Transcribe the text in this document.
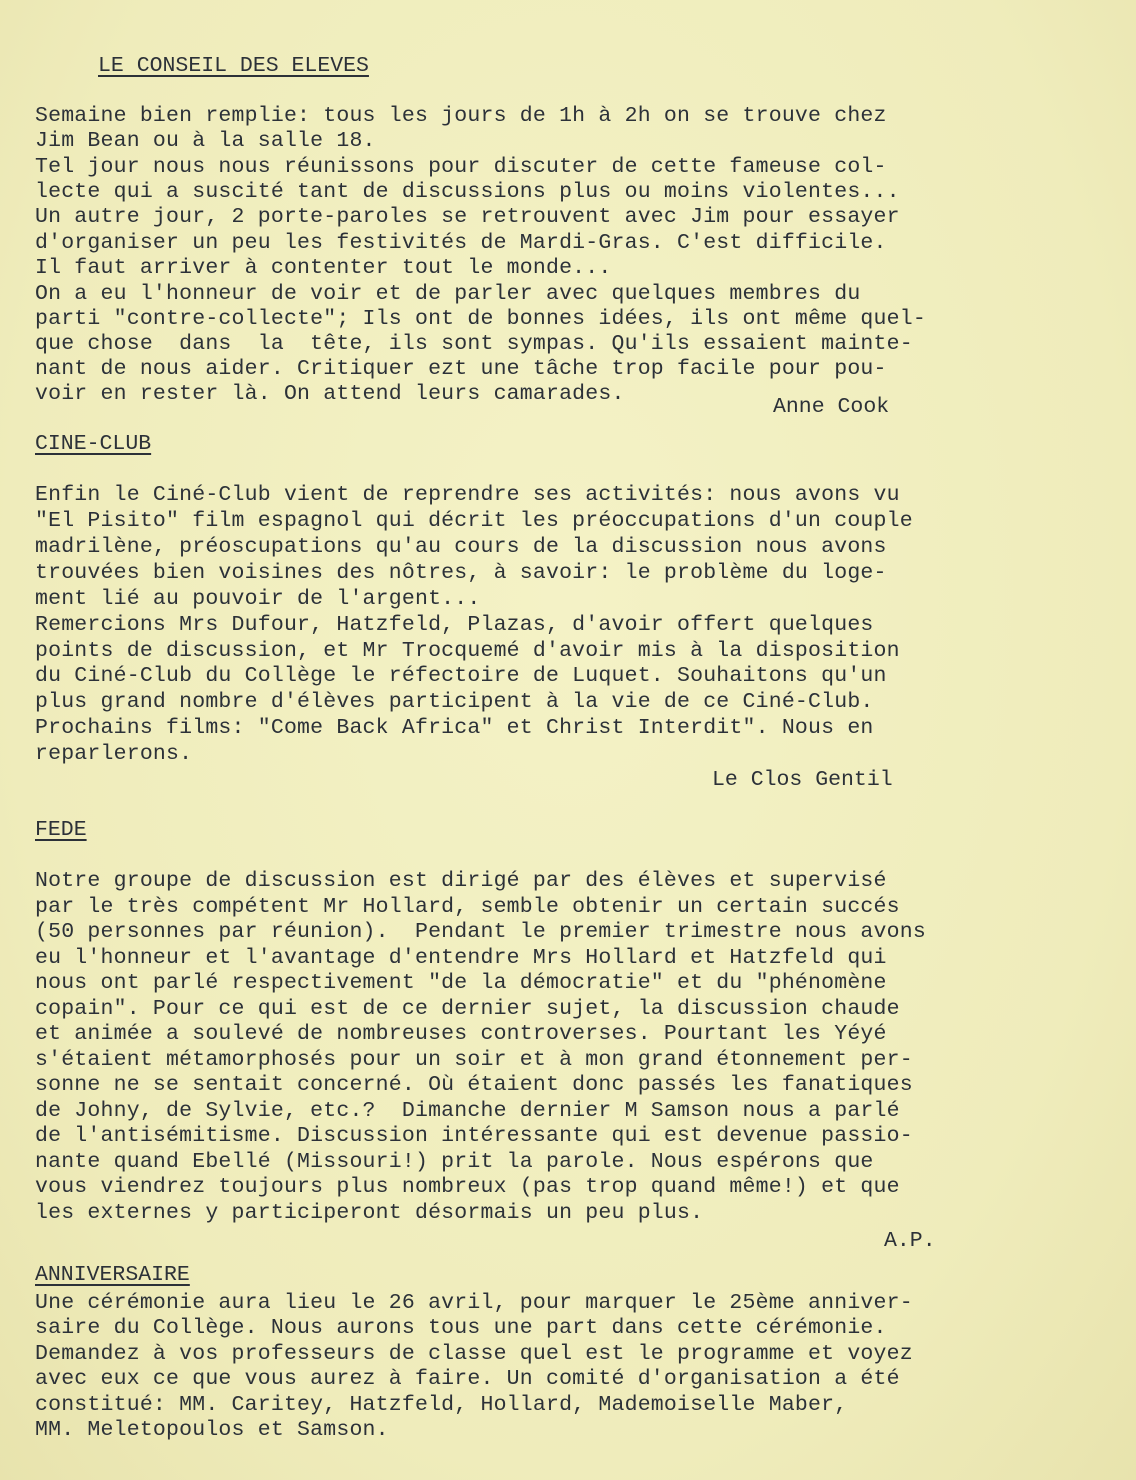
LE CONSEIL DES ELEVES
Semaine bien remplie: tous les jours de 1h à 2h on se trouve chez
Jim Bean ou à la salle 18.
Tel jour nous nous réunissons pour discuter de cette fameuse col-
lecte qui a suscité tant de discussions plus ou moins violentes...
Un autre jour, 2 porte-paroles se retrouvent avec Jim pour essayer
d'organiser un peu les festivités de Mardi-Gras. C'est difficile.
Il faut arriver à contenter tout le monde...
On a eu l'honneur de voir et de parler avec quelques membres du
parti "contre-collecte"; Ils ont de bonnes idées, ils ont même quel-
que chose  dans  la  tête, ils sont sympas. Qu'ils essaient mainte-
nant de nous aider. Critiquer ezt une tâche trop facile pour pou-
voir en rester là. On attend leurs camarades.
Anne Cook
CINE-CLUB
Enfin le Ciné-Club vient de reprendre ses activités: nous avons vu
"El Pisito" film espagnol qui décrit les préoccupations d'un couple
madrilène, préoscupations qu'au cours de la discussion nous avons
trouvées bien voisines des nôtres, à savoir: le problème du loge-
ment lié au pouvoir de l'argent...
Remercions Mrs Dufour, Hatzfeld, Plazas, d'avoir offert quelques
points de discussion, et Mr Trocquemé d'avoir mis à la disposition
du Ciné-Club du Collège le réfectoire de Luquet. Souhaitons qu'un
plus grand nombre d'élèves participent à la vie de ce Ciné-Club.
Prochains films: "Come Back Africa" et Christ Interdit". Nous en
reparlerons.
Le Clos Gentil
FEDE
Notre groupe de discussion est dirigé par des élèves et supervisé
par le très compétent Mr Hollard, semble obtenir un certain succés
(50 personnes par réunion).  Pendant le premier trimestre nous avons
eu l'honneur et l'avantage d'entendre Mrs Hollard et Hatzfeld qui
nous ont parlé respectivement "de la démocratie" et du "phénomène
copain". Pour ce qui est de ce dernier sujet, la discussion chaude
et animée a soulevé de nombreuses controverses. Pourtant les Yéyé
s'étaient métamorphosés pour un soir et à mon grand étonnement per-
sonne ne se sentait concerné. Où étaient donc passés les fanatiques
de Johny, de Sylvie, etc.?  Dimanche dernier M Samson nous a parlé
de l'antisémitisme. Discussion intéressante qui est devenue passio-
nante quand Ebellé (Missouri!) prit la parole. Nous espérons que
vous viendrez toujours plus nombreux (pas trop quand même!) et que
les externes y participeront désormais un peu plus.
A.P.
ANNIVERSAIRE
Une cérémonie aura lieu le 26 avril, pour marquer le 25ème anniver-
saire du Collège. Nous aurons tous une part dans cette cérémonie.
Demandez à vos professeurs de classe quel est le programme et voyez
avec eux ce que vous aurez à faire. Un comité d'organisation a été
constitué: MM. Caritey, Hatzfeld, Hollard, Mademoiselle Maber,
MM. Meletopoulos et Samson.
